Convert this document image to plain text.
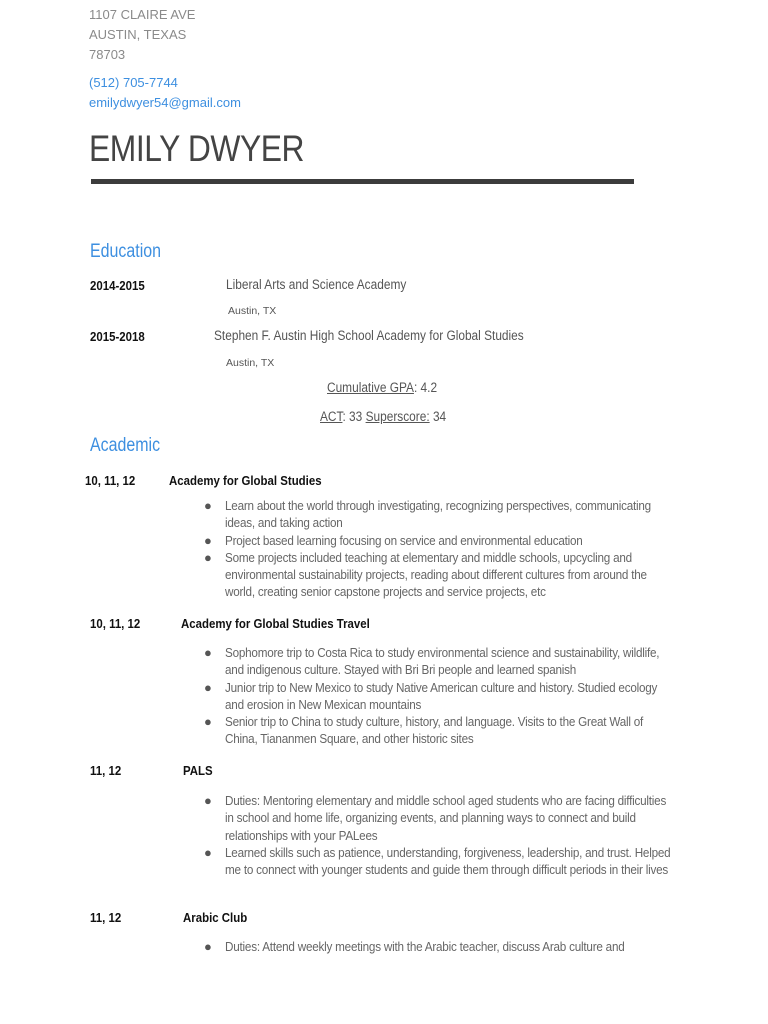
1107 CLAIRE AVE
AUSTIN, TEXAS
78703
(512) 705-7744
emilydwyer54@gmail.com
EMILY DWYER
Education
2014-2015	Liberal Arts and Science Academy
Austin, TX
2015-2018	Stephen F. Austin High School Academy for Global Studies
Austin, TX
Cumulative GPA: 4.2
ACT: 33 Superscore: 34
Academic
10, 11, 12	Academy for Global Studies
● Learn about the world through investigating, recognizing perspectives, communicating ideas, and taking action
● Project based learning focusing on service and environmental education
● Some projects included teaching at elementary and middle schools, upcycling and environmental sustainability projects, reading about different cultures from around the world, creating senior capstone projects and service projects, etc
10, 11, 12	Academy for Global Studies Travel
● Sophomore trip to Costa Rica to study environmental science and sustainability, wildlife, and indigenous culture. Stayed with Bri Bri people and learned spanish
● Junior trip to New Mexico to study Native American culture and history. Studied ecology and erosion in New Mexican mountains
● Senior trip to China to study culture, history, and language. Visits to the Great Wall of China, Tiananmen Square, and other historic sites
11, 12	PALS
● Duties: Mentoring elementary and middle school aged students who are facing difficulties in school and home life, organizing events, and planning ways to connect and build relationships with your PALees
● Learned skills such as patience, understanding, forgiveness, leadership, and trust. Helped me to connect with younger students and guide them through difficult periods in their lives
11, 12	Arabic Club
● Duties: Attend weekly meetings with the Arabic teacher, discuss Arab culture and
